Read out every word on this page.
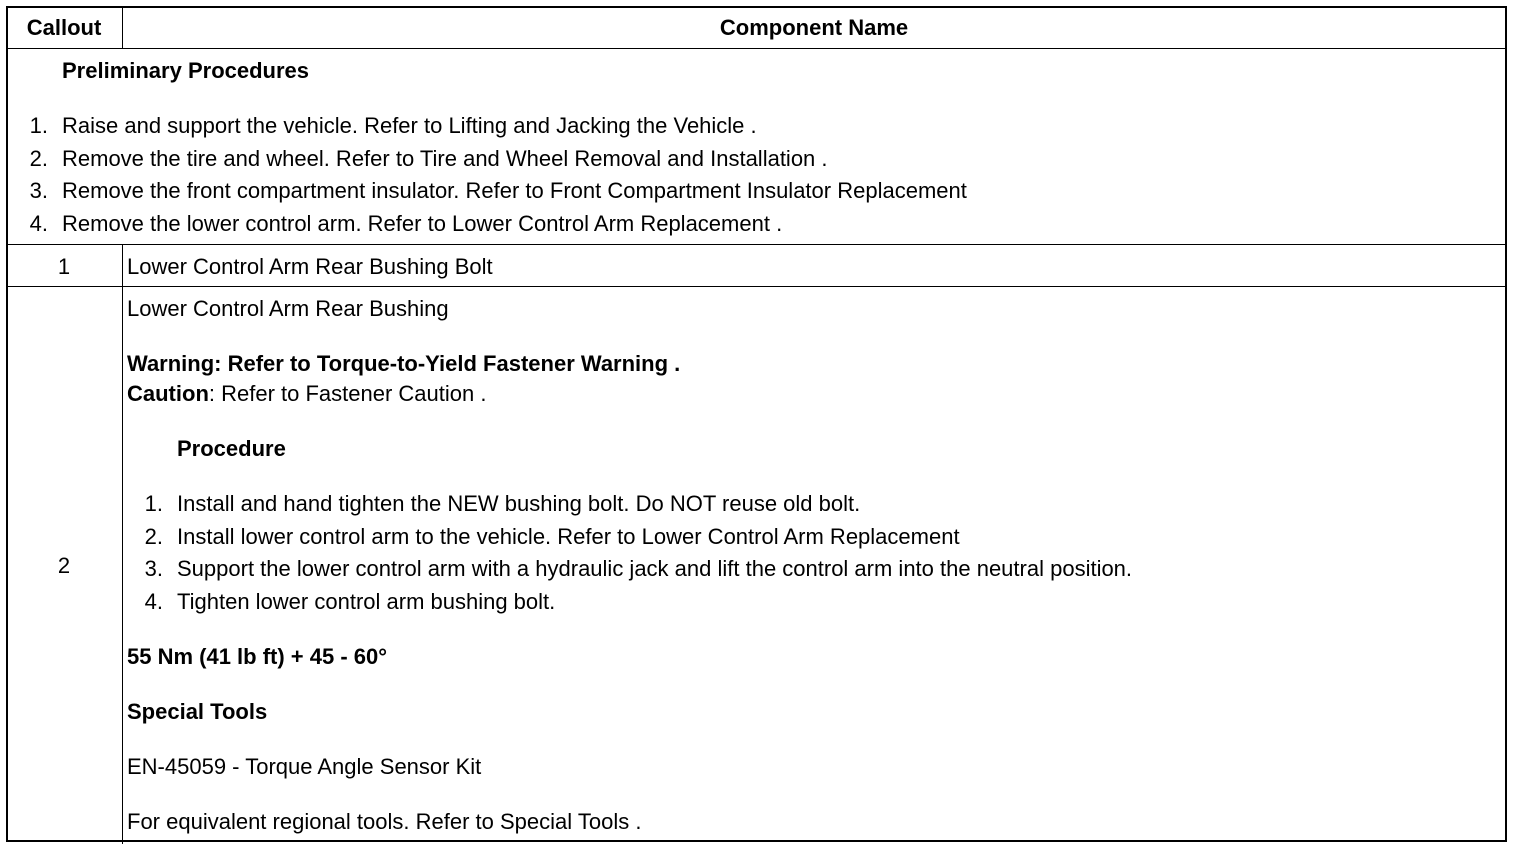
Callout	Component Name
Preliminary Procedures
1. Raise and support the vehicle. Refer to Lifting and Jacking the Vehicle .
2. Remove the tire and wheel. Refer to Tire and Wheel Removal and Installation .
3. Remove the front compartment insulator. Refer to Front Compartment Insulator Replacement
4. Remove the lower control arm. Refer to Lower Control Arm Replacement .
1	Lower Control Arm Rear Bushing Bolt
2
Lower Control Arm Rear Bushing
Warning: Refer to Torque-to-Yield Fastener Warning .
Caution: Refer to Fastener Caution .
Procedure
1. Install and hand tighten the NEW bushing bolt. Do NOT reuse old bolt.
2. Install lower control arm to the vehicle. Refer to Lower Control Arm Replacement
3. Support the lower control arm with a hydraulic jack and lift the control arm into the neutral position.
4. Tighten lower control arm bushing bolt.
55 Nm (41 lb ft) + 45 - 60°
Special Tools
EN-45059 - Torque Angle Sensor Kit
For equivalent regional tools. Refer to Special Tools .
